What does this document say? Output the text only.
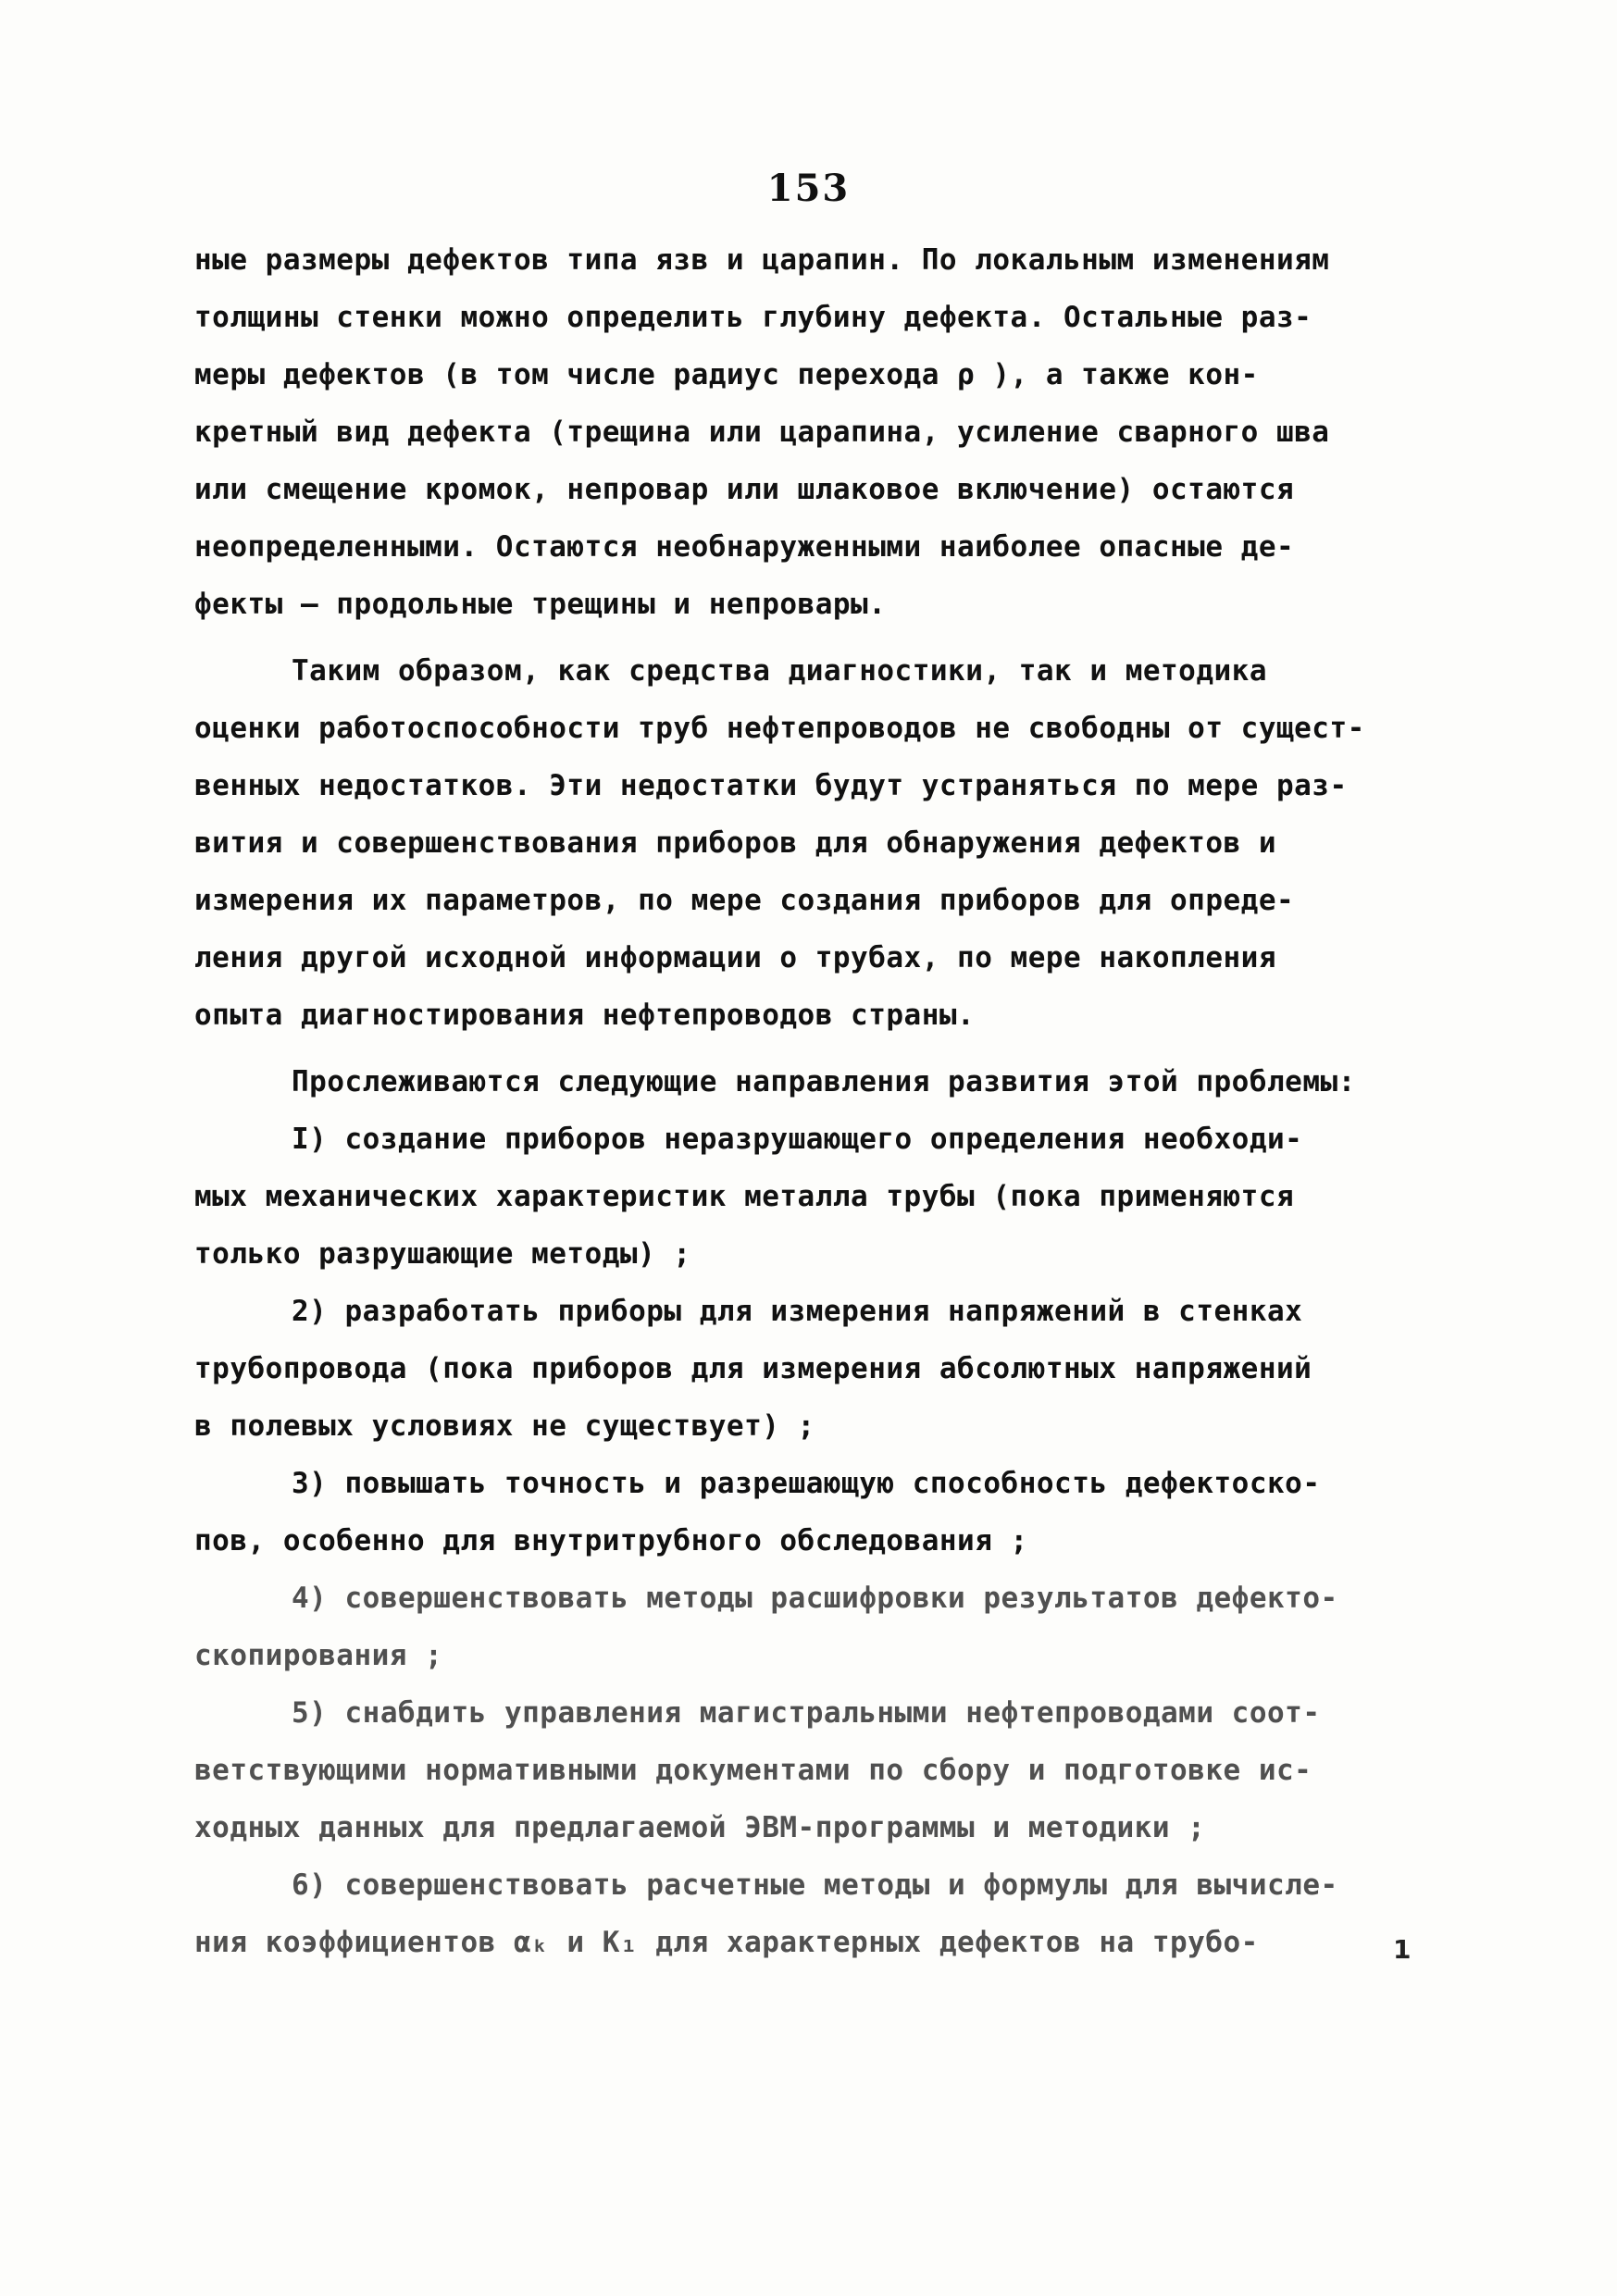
153
ные размеры дефектов типа язв и царапин. По локальным изменениям
толщины стенки можно определить глубину дефекта. Остальные раз-
меры дефектов (в том числе радиус перехода ρ ), а также кон-
кретный вид дефекта (трещина или царапина, усиление сварного шва
или смещение кромок, непровар или шлаковое включение) остаются
неопределенными. Остаются необнаруженными наиболее опасные де-
фекты – продольные трещины и непровары.
Таким образом, как средства диагностики, так и методика
оценки работоспособности труб нефтепроводов не свободны от сущест-
венных недостатков. Эти недостатки будут устраняться по мере раз-
вития и совершенствования приборов для обнаружения дефектов и
измерения их параметров, по мере создания приборов для опреде-
ления другой исходной информации о трубах, по мере накопления
опыта диагностирования нефтепроводов страны.
Прослеживаются следующие направления развития этой проблемы:
I) создание приборов неразрушающего определения необходи-
мых механических характеристик металла трубы (пока применяются
только разрушающие методы) ;
2) разработать приборы для измерения напряжений в стенках
трубопровода (пока приборов для измерения абсолютных напряжений
в полевых условиях не существует) ;
3) повышать точность и разрешающую способность дефектоско-
пов, особенно для внутритрубного обследования ;
4) совершенствовать методы расшифровки результатов дефекто-
скопирования ;
5) снабдить управления магистральными нефтепроводами соот-
ветствующими нормативными документами по сбору и подготовке ис-
ходных данных для предлагаемой ЭВМ-программы и методики ;
6) совершенствовать расчетные методы и формулы для вычисле-
ния коэффициентов αₖ и K₁ для характерных дефектов на трубо-	1
